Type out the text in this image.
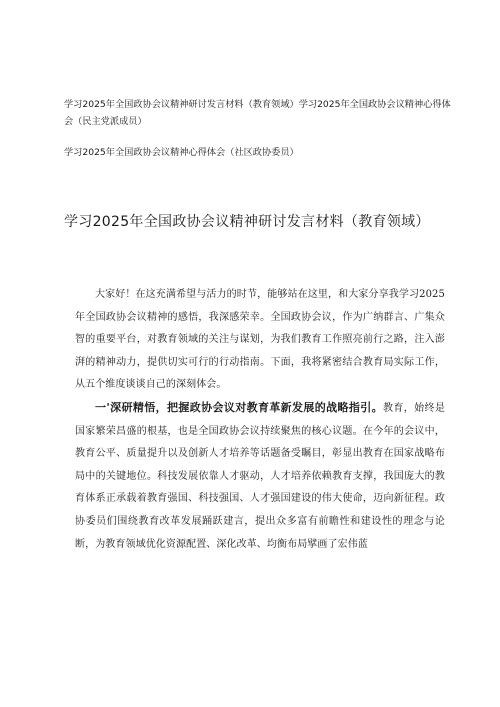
学习2025年全国政协会议精神研讨发言材料（教育领域）学习2025年全国政协会议精神心得体会（民主党派成员）
学习2025年全国政协会议精神心得体会（社区政协委员）
学习2025年全国政协会议精神研讨发言材料（教育领域）

大家好！在这充满希望与活力的时节，能够站在这里，和大家分享我学习2025年全国政协会议精神的感悟，我深感荣幸。全国政协会议，作为广纳群言、广集众智的重要平台，对教育领域的关注与谋划，为我们教育工作照亮前行之路，注入澎湃的精神动力，提供切实可行的行动指南。下面，我将紧密结合教育局实际工作，从五个维度谈谈自己的深刻体会。

一'深研精悟，把握政协会议对教育革新发展的战略指引。教育，始终是国家繁荣昌盛的根基，也是全国政协会议持续聚焦的核心议题。在今年的会议中，教育公平、质量提升以及创新人才培养等话题备受瞩目，彰显出教育在国家战略布局中的关键地位。科技发展依靠人才驱动，人才培养依赖教育支撑，我国庞大的教育体系正承载着教育强国、科技强国、人才强国建设的伟大使命，迈向新征程。政协委员们围绕教育改革发展踊跃建言，提出众多富有前瞻性和建设性的理念与论断，为教育领域优化资源配置、深化改革、均衡布局擘画了宏伟蓝
